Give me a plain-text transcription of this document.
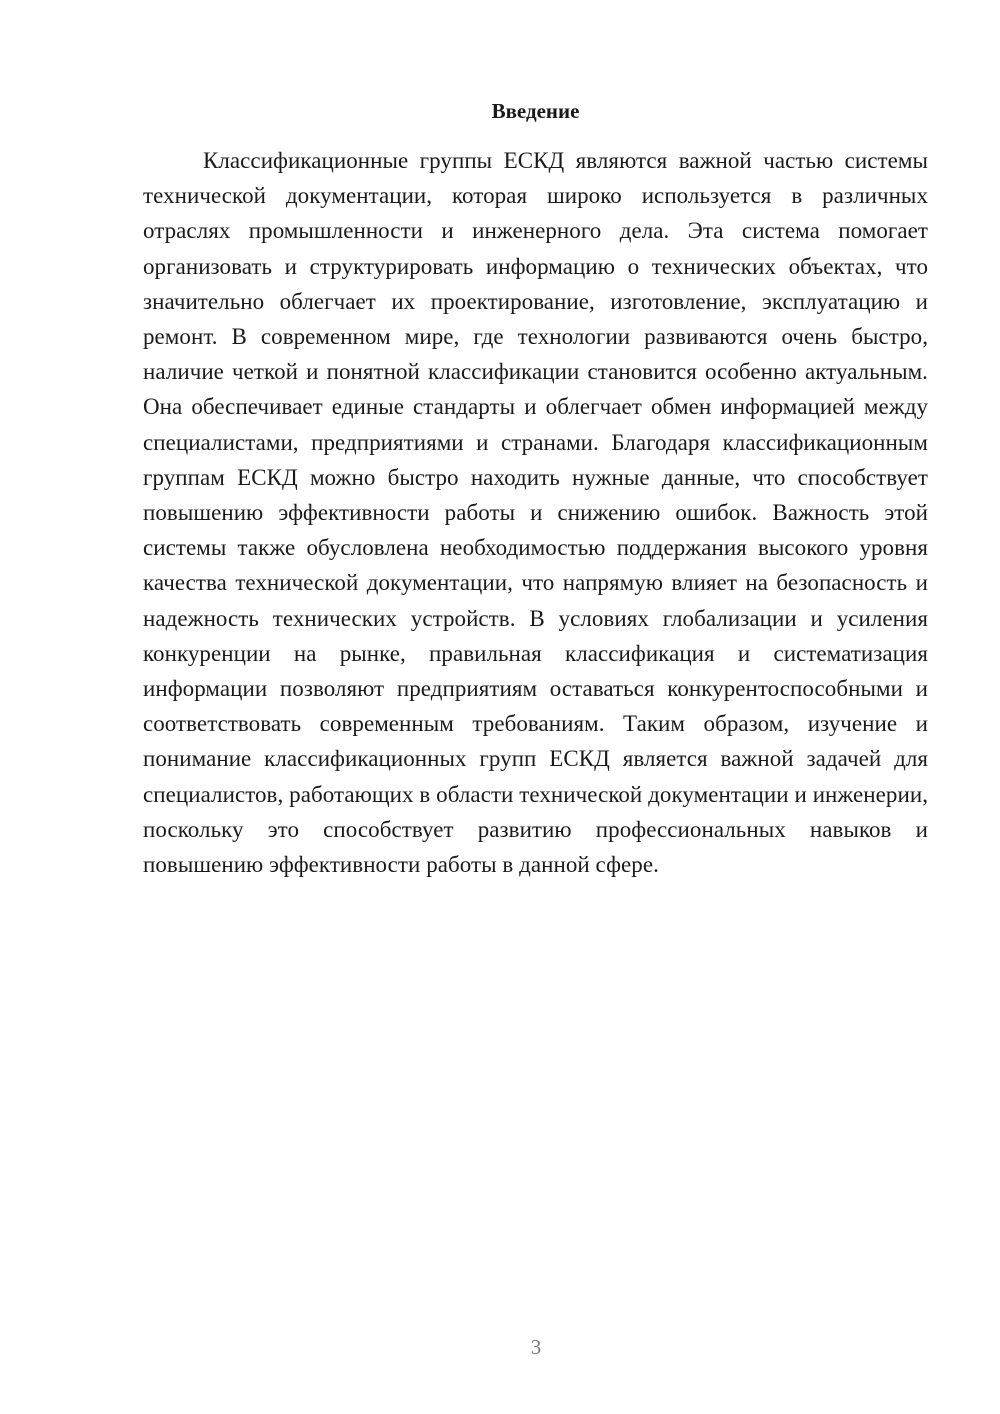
Введение

Классификационные группы ЕСКД являются важной частью системы технической документации, которая широко используется в различных отраслях промышленности и инженерного дела. Эта система помогает организовать и структурировать информацию о технических объектах, что значительно облегчает их проектирование, изготовление, эксплуатацию и ремонт. В современном мире, где технологии развиваются очень быстро, наличие четкой и понятной классификации становится особенно актуальным. Она обеспечивает единые стандарты и облегчает обмен информацией между специалистами, предприятиями и странами. Благодаря классификационным группам ЕСКД можно быстро находить нужные данные, что способствует повышению эффективности работы и снижению ошибок. Важность этой системы также обусловлена необходимостью поддержания высокого уровня качества технической документации, что напрямую влияет на безопасность и надежность технических устройств. В условиях глобализации и усиления конкуренции на рынке, правильная классификация и систематизация информации позволяют предприятиям оставаться конкурентоспособными и соответствовать современным требованиям. Таким образом, изучение и понимание классификационных групп ЕСКД является важной задачей для специалистов, работающих в области технической документации и инженерии, поскольку это способствует развитию профессиональных навыков и повышению эффективности работы в данной сфере.

3
